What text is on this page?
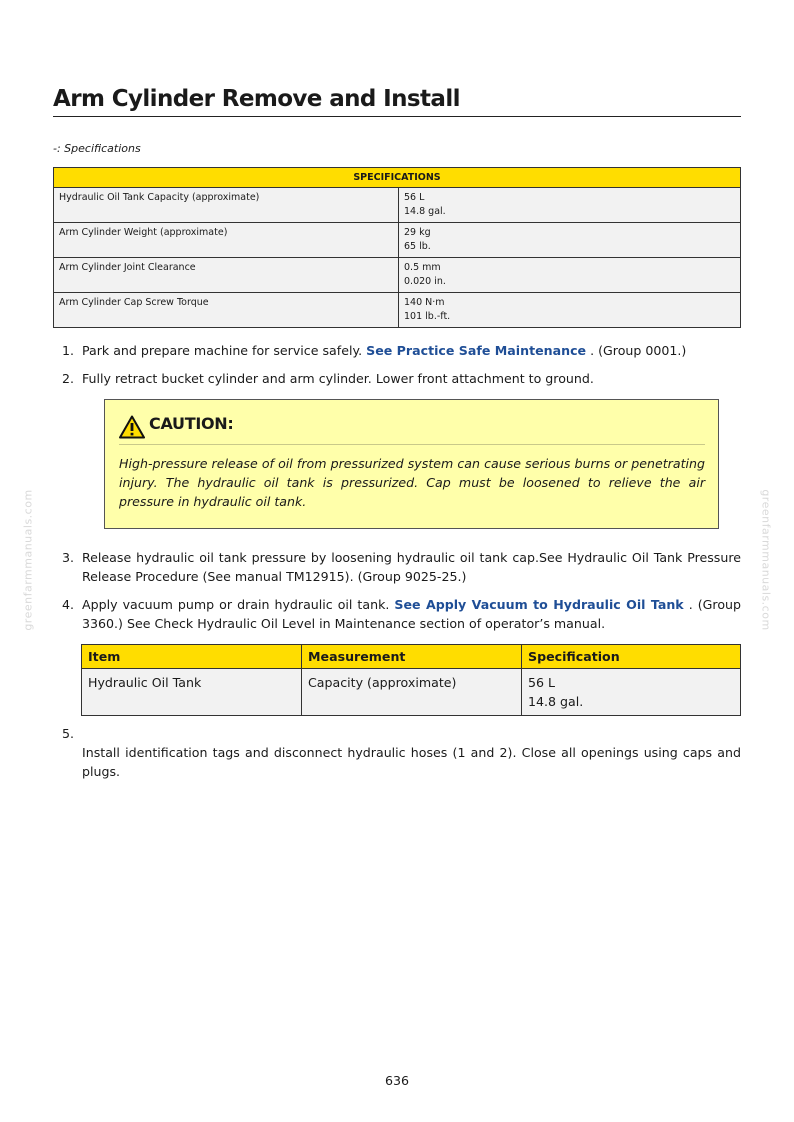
Arm Cylinder Remove and Install
-: Specifications
SPECIFICATIONS	
Hydraulic Oil Tank Capacity (approximate)	56 L
14.8 gal.
Arm Cylinder Weight (approximate)	29 kg
65 lb.
Arm Cylinder Joint Clearance	0.5 mm
0.020 in.
Arm Cylinder Cap Screw Torque	140 N·m
101 lb.-ft.
1. Park and prepare machine for service safely. See Practice Safe Maintenance . (Group 0001.)
2. Fully retract bucket cylinder and arm cylinder. Lower front attachment to ground.
3. Release hydraulic oil tank pressure by loosening hydraulic oil tank cap.See Hydraulic Oil Tank Pressure Release Procedure (See manual TM12915). (Group 9025-25.)
4. Apply vacuum pump or drain hydraulic oil tank. See Apply Vacuum to Hydraulic Oil Tank . (Group 3360.) See Check Hydraulic Oil Level in Maintenance section of operator’s manual.
5.
Install identification tags and disconnect hydraulic hoses (1 and 2). Close all openings using caps and plugs.
CAUTION:
High-pressure release of oil from pressurized system can cause serious burns or penetrating injury. The hydraulic oil tank is pressurized. Cap must be loosened to relieve the air pressure in hydraulic oil tank.
Item	Measurement	Specification
Hydraulic Oil Tank	Capacity (approximate)	56 L
14.8 gal.
greenfarmmanuals.com	greenfarmmanuals.com
636
